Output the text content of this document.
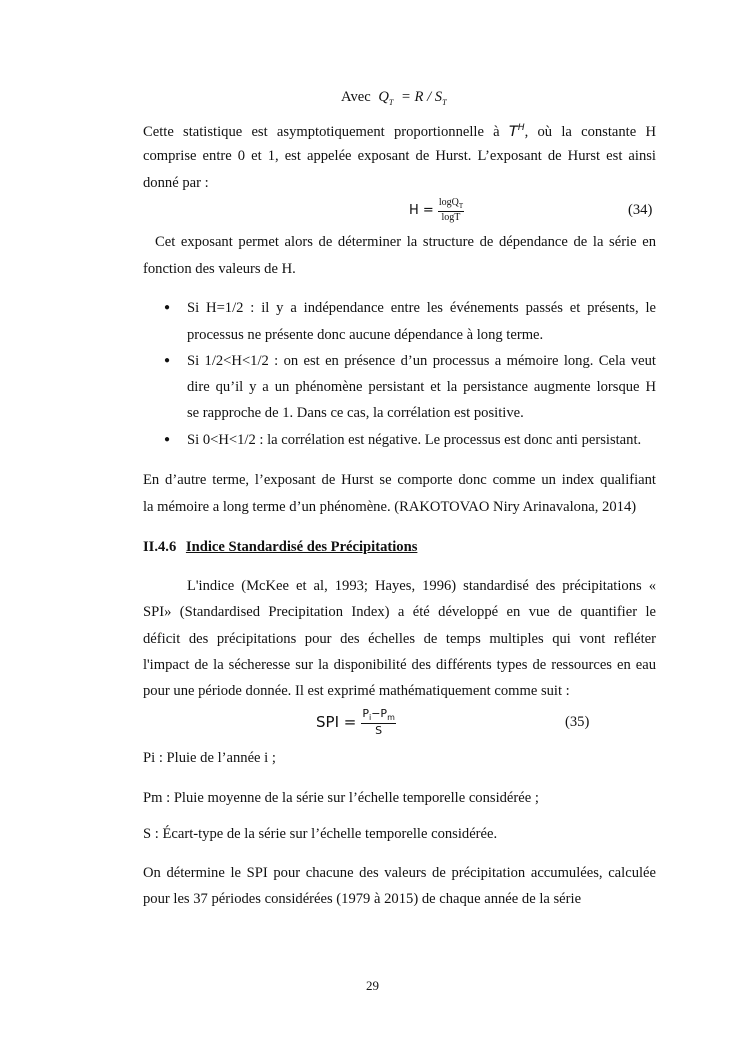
Avec $Q_T = R / S_T$
Cette statistique est asymptotiquement proportionnelle à $T^H$, où la constante H
comprise entre 0 et 1, est appelée exposant de Hurst. L’exposant de Hurst est ainsi
donné par :
$H = \frac{\log Q_T}{\log T}$	(34)
Cet exposant permet alors de déterminer la structure de dépendance de la série en
fonction des valeurs de H.
● Si H=1/2 : il y a indépendance entre les événements passés et présents, le
processus ne présente donc aucune dépendance à long terme.
● Si 1/2<H<1/2 : on est en présence d’un processus a mémoire long. Cela veut
dire qu’il y a un phénomène persistant et la persistance augmente lorsque H
se rapproche de 1. Dans ce cas, la corrélation est positive.
● Si 0<H<1/2 : la corrélation est négative. Le processus est donc anti persistant.
En d’autre terme, l’exposant de Hurst se comporte donc comme un index qualifiant
la mémoire a long terme d’un phénomène. (RAKOTOVAO Niry Arinavalona, 2014)
II.4.6 Indice Standardisé des Précipitations
L'indice (McKee et al, 1993; Hayes, 1996) standardisé des précipitations «
SPI» (Standardised Precipitation Index) a été développé en vue de quantifier le
déficit des précipitations pour des échelles de temps multiples qui vont refléter
l'impact de la sécheresse sur la disponibilité des différents types de ressources en eau
pour une période donnée. Il est exprimé mathématiquement comme suit :
SPI = $\frac{P_i-P_m}{S}$	(35)
Pi : Pluie de l’année i ;
Pm : Pluie moyenne de la série sur l’échelle temporelle considérée ;
S : Écart-type de la série sur l’échelle temporelle considérée.
On détermine le SPI pour chacune des valeurs de précipitation accumulées, calculée
pour les 37 périodes considérées (1979 à 2015) de chaque année de la série
29
